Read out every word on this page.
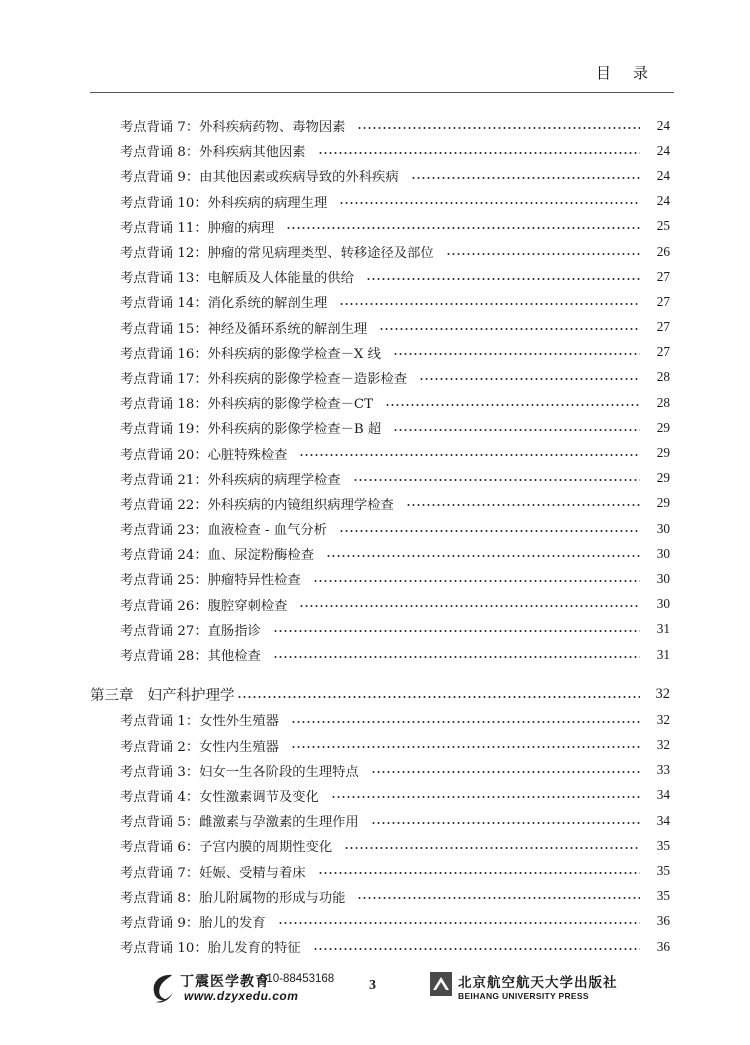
目录
考点背诵 7： 外科疾病药物、毒物因素	24
考点背诵 8： 外科疾病其他因素	24
考点背诵 9： 由其他因素或疾病导致的外科疾病	24
考点背诵 10： 外科疾病的病理生理	24
考点背诵 11： 肿瘤的病理	25
考点背诵 12： 肿瘤的常见病理类型、转移途径及部位	26
考点背诵 13： 电解质及人体能量的供给	27
考点背诵 14： 消化系统的解剖生理	27
考点背诵 15： 神经及循环系统的解剖生理	27
考点背诵 16： 外科疾病的影像学检查－X 线	27
考点背诵 17： 外科疾病的影像学检查－造影检查	28
考点背诵 18： 外科疾病的影像学检查－CT	28
考点背诵 19： 外科疾病的影像学检查－B 超	29
考点背诵 20： 心脏特殊检查	29
考点背诵 21： 外科疾病的病理学检查	29
考点背诵 22： 外科疾病的内镜组织病理学检查	29
考点背诵 23： 血液检查 - 血气分析	30
考点背诵 24： 血、尿淀粉酶检查	30
考点背诵 25： 肿瘤特异性检查	30
考点背诵 26： 腹腔穿刺检查	30
考点背诵 27： 直肠指诊	31
考点背诵 28： 其他检查	31
第三章 妇产科护理学	32
考点背诵 1： 女性外生殖器	32
考点背诵 2： 女性内生殖器	32
考点背诵 3： 妇女一生各阶段的生理特点	33
考点背诵 4： 女性激素调节及变化	34
考点背诵 5： 雌激素与孕激素的生理作用	34
考点背诵 6： 子宫内膜的周期性变化	35
考点背诵 7： 妊娠、受精与着床	35
考点背诵 8： 胎儿附属物的形成与功能	35
考点背诵 9： 胎儿的发育	36
考点背诵 10： 胎儿发育的特征	36
丁震医学教育
010-88453168
www.dzyxedu.com
3	北京航空航天大学出版社
BEIHANG UNIVERSITY PRESS
